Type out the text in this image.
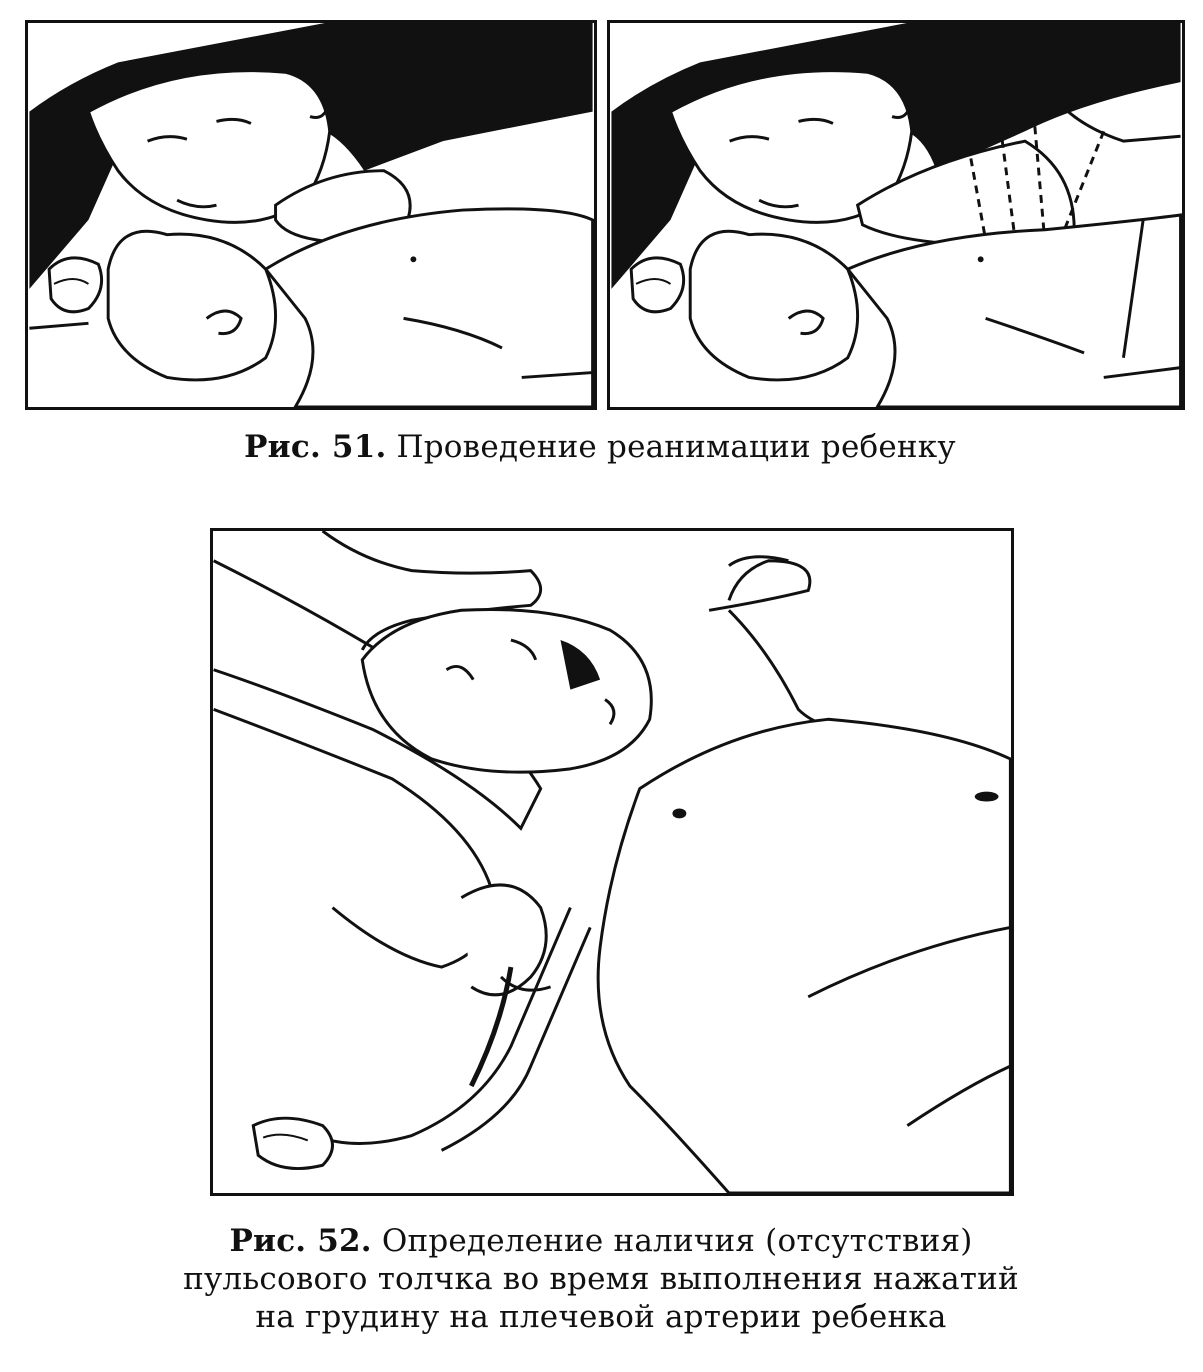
Рис. 51. Проведение реанимации ребенку
Рис. 52. Определение наличия (отсутствия)
пульсового толчка во время выполнения нажатий
на грудину на плечевой артерии ребенка
